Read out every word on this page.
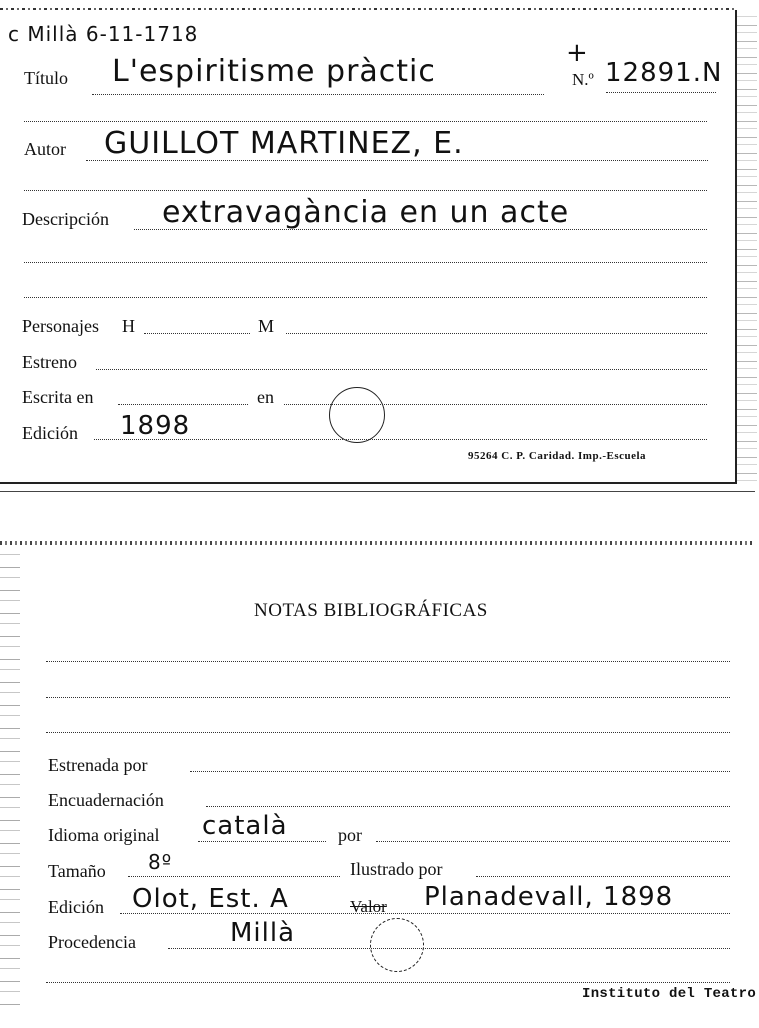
c Millà 6-11-1718
Título L'espiritisme pràctic
+
N.º 12891.N
Autor GUILLOT MARTINEZ, E.
Descripción extravagància en un acte
Personajes H	M
Estreno
Escrita en	en
Edición 1898
95264 C. P. Caridad. Imp.-Escuela
NOTAS BIBLIOGRÁFICAS
Estrenada por
Encuadernación
Idioma original català	por
Tamaño 8º	Ilustrado por
Edición Olot, Est. A	Valor Planadevall, 1898
Procedencia	Millà
Instituto del Teatro
